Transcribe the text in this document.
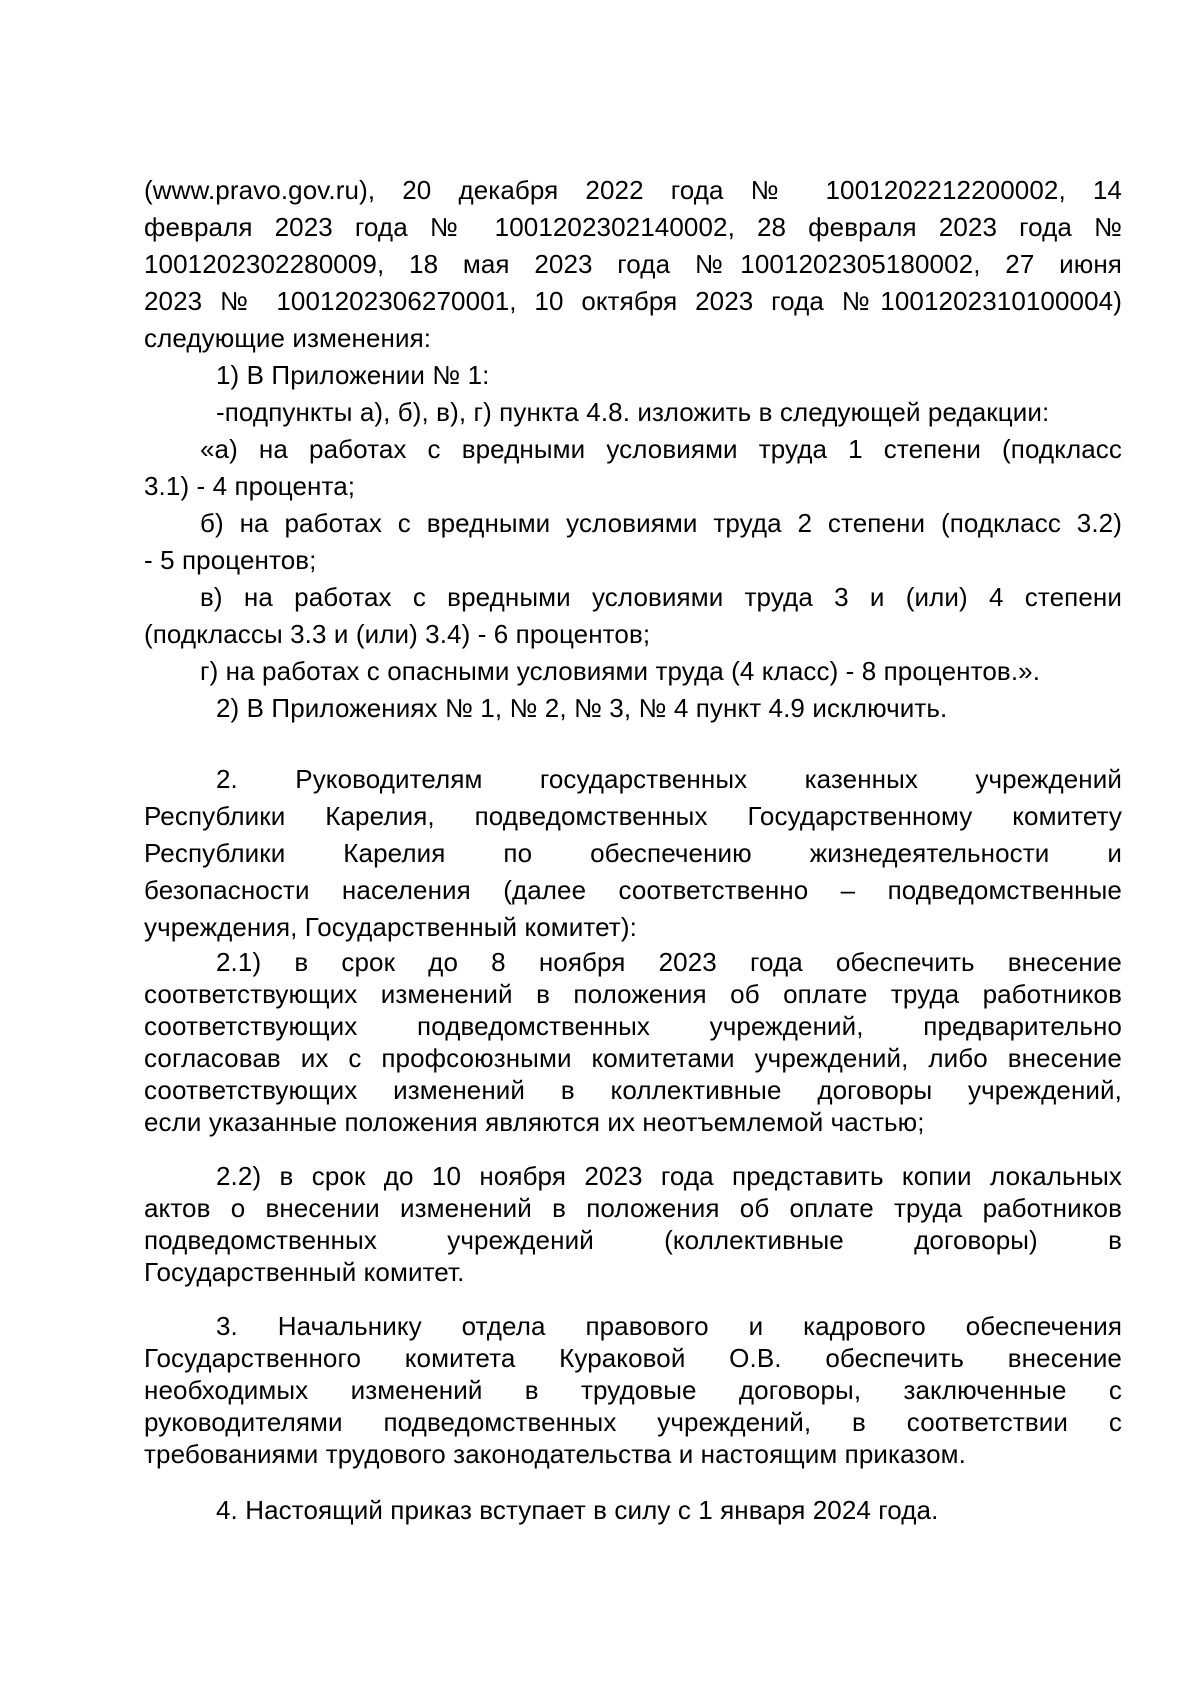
(www.pravo.gov.ru), 20 декабря 2022 года № 1001202212200002, 14
февраля 2023 года № 1001202302140002, 28 февраля 2023 года №
1001202302280009, 18 мая 2023 года №1001202305180002, 27 июня
2023 № 1001202306270001, 10 октября 2023 года №1001202310100004)
следующие изменения:

1) В Приложении № 1:

-подпункты а), б), в), г) пункта 4.8. изложить в следующей редакции:

«а) на работах с вредными условиями труда 1 степени (подкласс
3.1) - 4 процента;

б) на работах с вредными условиями труда 2 степени (подкласс 3.2)
- 5 процентов;

в) на работах с вредными условиями труда 3 и (или) 4 степени
(подклассы 3.3 и (или) 3.4) - 6 процентов;

г) на работах с опасными условиями труда (4 класс) - 8 процентов.».

2) В Приложениях № 1, № 2, № 3, № 4 пункт 4.9 исключить.

2. Руководителям государственных казенных учреждений
Республики Карелия, подведомственных Государственному комитету
Республики Карелия по обеспечению жизнедеятельности и
безопасности населения (далее соответственно – подведомственные
учреждения, Государственный комитет):

2.1) в срок до 8 ноября 2023 года обеспечить внесение
соответствующих изменений в положения об оплате труда работников
соответствующих подведомственных учреждений, предварительно
согласовав их с профсоюзными комитетами учреждений, либо внесение
соответствующих изменений в коллективные договоры учреждений,
если указанные положения являются их неотъемлемой частью;

2.2) в срок до 10 ноября 2023 года представить копии локальных
актов о внесении изменений в положения об оплате труда работников
подведомственных учреждений (коллективные договоры) в
Государственный комитет.

3. Начальнику отдела правового и кадрового обеспечения
Государственного комитета Кураковой О.В. обеспечить внесение
необходимых изменений в трудовые договоры, заключенные с
руководителями подведомственных учреждений, в соответствии с
требованиями трудового законодательства и настоящим приказом.

4. Настоящий приказ вступает в силу с 1 января 2024 года.
